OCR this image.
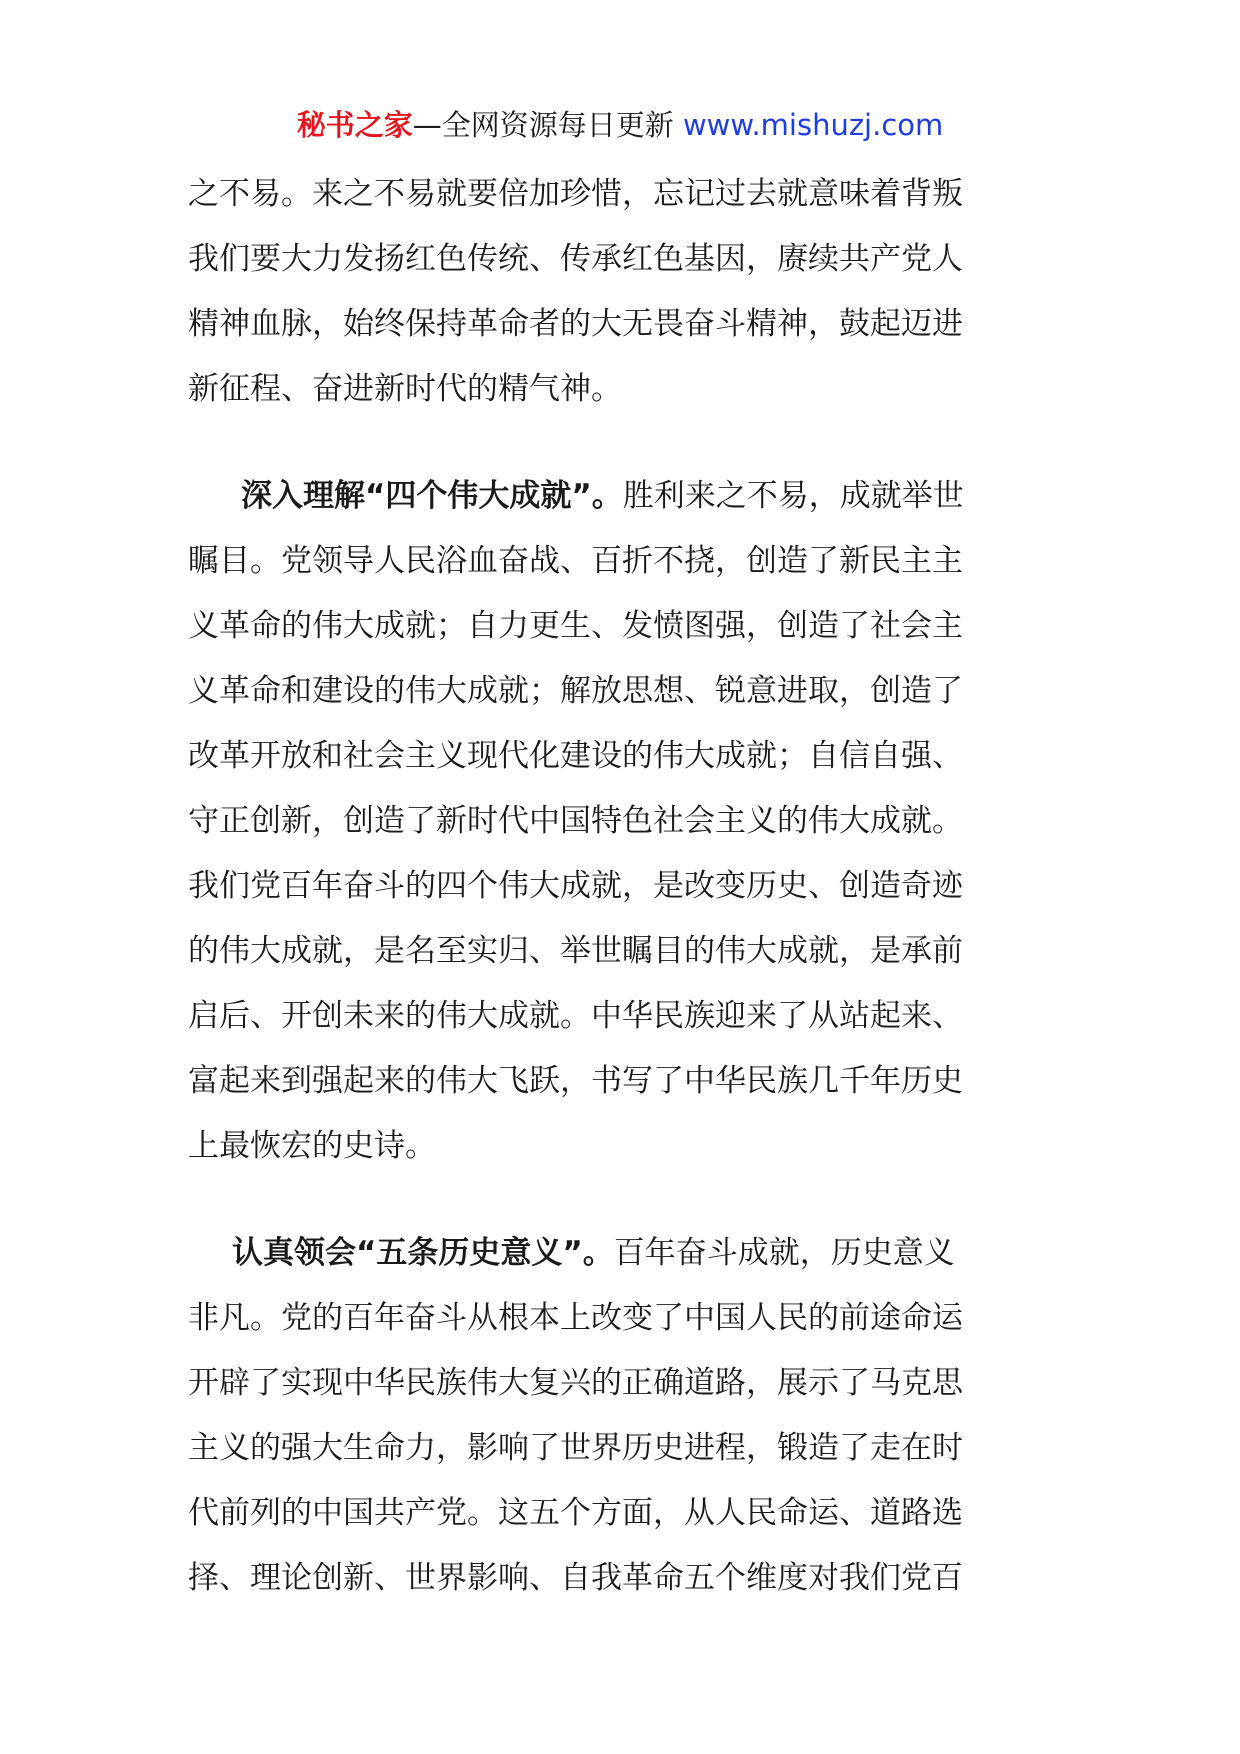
秘书之家—全网资源每日更新 www.mishuzj.com
之不易。来之不易就要倍加珍惜，忘记过去就意味着背叛
我们要大力发扬红色传统、传承红色基因，赓续共产党人
精神血脉，始终保持革命者的大无畏奋斗精神，鼓起迈进
新征程、奋进新时代的精气神。
深入理解“四个伟大成就”。胜利来之不易，成就举世
瞩目。党领导人民浴血奋战、百折不挠，创造了新民主主
义革命的伟大成就；自力更生、发愤图强，创造了社会主
义革命和建设的伟大成就；解放思想、锐意进取，创造了
改革开放和社会主义现代化建设的伟大成就；自信自强、
守正创新，创造了新时代中国特色社会主义的伟大成就。
我们党百年奋斗的四个伟大成就，是改变历史、创造奇迹
的伟大成就，是名至实归、举世瞩目的伟大成就，是承前
启后、开创未来的伟大成就。中华民族迎来了从站起来、
富起来到强起来的伟大飞跃，书写了中华民族几千年历史
上最恢宏的史诗。
认真领会“五条历史意义”。百年奋斗成就，历史意义
非凡。党的百年奋斗从根本上改变了中国人民的前途命运
开辟了实现中华民族伟大复兴的正确道路，展示了马克思
主义的强大生命力，影响了世界历史进程，锻造了走在时
代前列的中国共产党。这五个方面，从人民命运、道路选
择、理论创新、世界影响、自我革命五个维度对我们党百
